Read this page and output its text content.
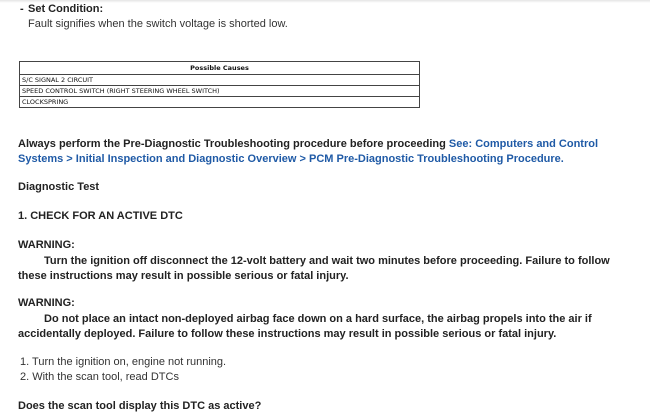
- Set Condition:
Fault signifies when the switch voltage is shorted low.
Possible Causes
S/C SIGNAL 2 CIRCUIT
SPEED CONTROL SWITCH (RIGHT STEERING WHEEL SWITCH)
CLOCKSPRING
Always perform the Pre-Diagnostic Troubleshooting procedure before proceeding See: Computers and Control Systems > Initial Inspection and Diagnostic Overview > PCM Pre-Diagnostic Troubleshooting Procedure.
Diagnostic Test
1. CHECK FOR AN ACTIVE DTC
WARNING:
Turn the ignition off disconnect the 12-volt battery and wait two minutes before proceeding. Failure to follow these instructions may result in possible serious or fatal injury.
WARNING:
Do not place an intact non-deployed airbag face down on a hard surface, the airbag propels into the air if accidentally deployed. Failure to follow these instructions may result in possible serious or fatal injury.
1. Turn the ignition on, engine not running.
2. With the scan tool, read DTCs
Does the scan tool display this DTC as active?
